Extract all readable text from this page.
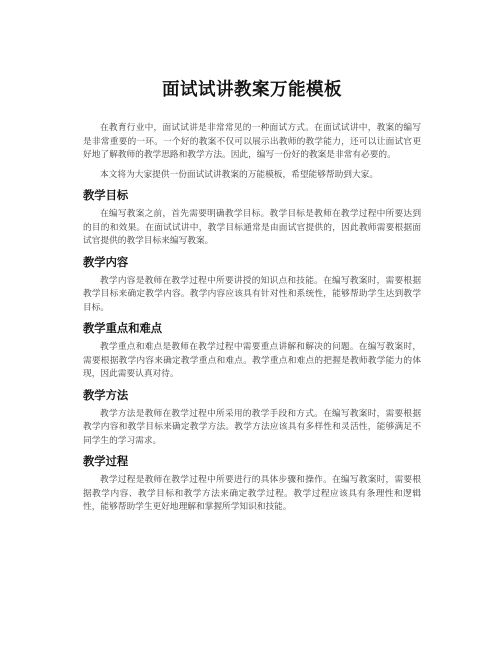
面试试讲教案万能模板

在教育行业中，面试试讲是非常常见的一种面试方式。在面试试讲中，教案的编写是非常重要的一环。一个好的教案不仅可以展示出教师的教学能力，还可以让面试官更好地了解教师的教学思路和教学方法。因此，编写一份好的教案是非常有必要的。

本文将为大家提供一份面试试讲教案的万能模板，希望能够帮助到大家。

教学目标

在编写教案之前，首先需要明确教学目标。教学目标是教师在教学过程中所要达到的目的和效果。在面试试讲中，教学目标通常是由面试官提供的，因此教师需要根据面试官提供的教学目标来编写教案。

教学内容

教学内容是教师在教学过程中所要讲授的知识点和技能。在编写教案时，需要根据教学目标来确定教学内容。教学内容应该具有针对性和系统性，能够帮助学生达到教学目标。

教学重点和难点

教学重点和难点是教师在教学过程中需要重点讲解和解决的问题。在编写教案时，需要根据教学内容来确定教学重点和难点。教学重点和难点的把握是教师教学能力的体现，因此需要认真对待。

教学方法

教学方法是教师在教学过程中所采用的教学手段和方式。在编写教案时，需要根据教学内容和教学目标来确定教学方法。教学方法应该具有多样性和灵活性，能够满足不同学生的学习需求。

教学过程

教学过程是教师在教学过程中所要进行的具体步骤和操作。在编写教案时，需要根据教学内容、教学目标和教学方法来确定教学过程。教学过程应该具有条理性和逻辑性，能够帮助学生更好地理解和掌握所学知识和技能。
